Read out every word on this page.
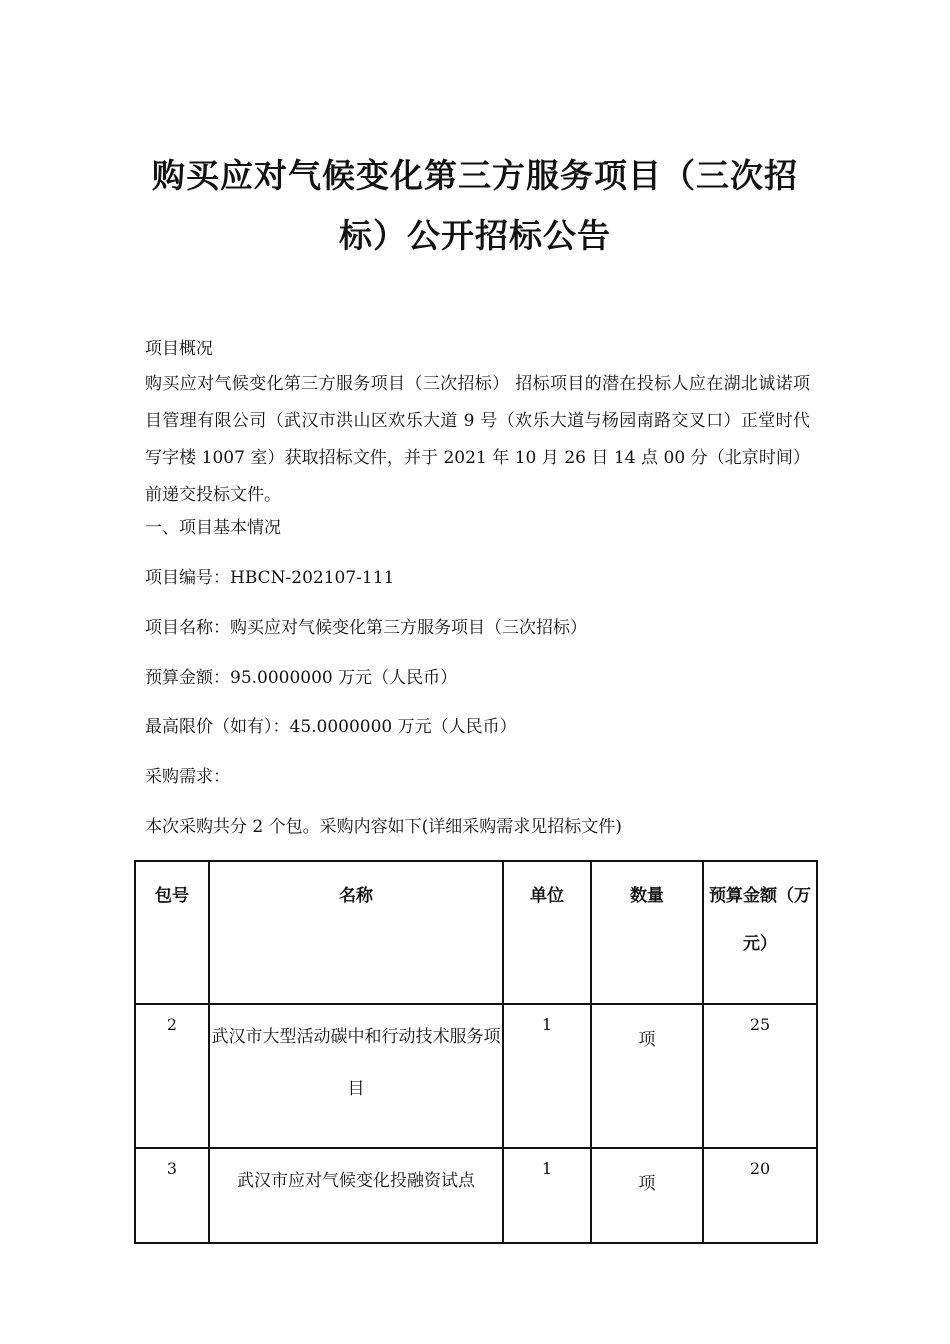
购买应对气候变化第三方服务项目（三次招
标）公开招标公告
项目概况
购买应对气候变化第三方服务项目（三次招标） 招标项目的潜在投标人应在湖北诚诺项目管理有限公司（武汉市洪山区欢乐大道 9 号（欢乐大道与杨园南路交叉口）正堂时代写字楼 1007 室）获取招标文件，并于 2021 年 10 月 26 日 14 点 00 分（北京时间）前递交投标文件。
一、项目基本情况
项目编号：HBCN-202107-111
项目名称：购买应对气候变化第三方服务项目（三次招标）
预算金额：95.0000000 万元（人民币）
最高限价（如有）：45.0000000 万元（人民币）
采购需求：
本次采购共分 2 个包。采购内容如下(详细采购需求见招标文件)
包号	名称	单位	数量	预算金额（万元）
2	武汉市大型活动碳中和行动技术服务项目	1	项	25
3	武汉市应对气候变化投融资试点	1	项	20
